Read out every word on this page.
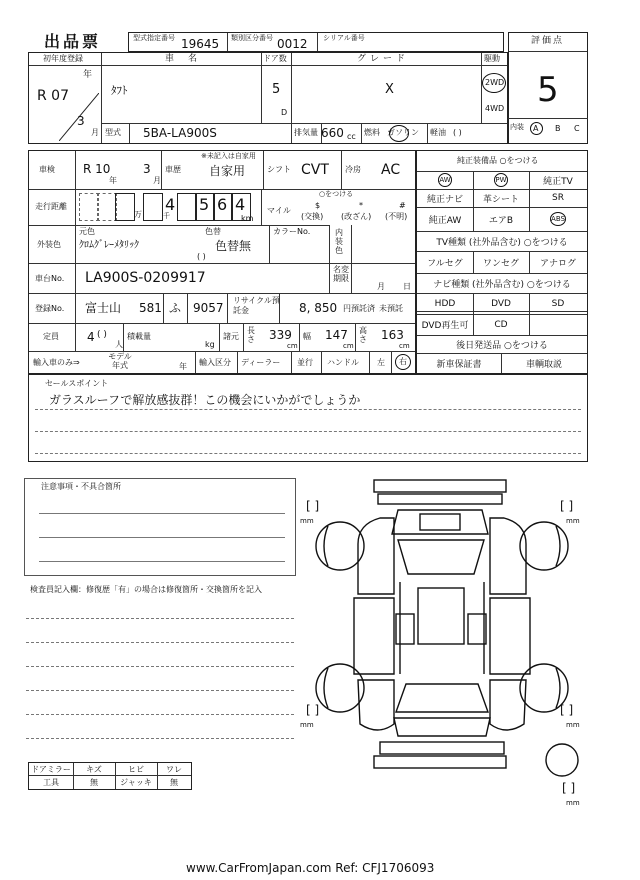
出品票	型式指定番号 19645 類別区分番号 0012 シリアル番号	評価点
5
初年度登録
R 07
年
3
月
車名
ﾀﾌﾄ
ドア数
5
D
グレード
X
駆動
2WD
4WD
型式 5BA-LA900S	排気量 660 cc 燃料 ガソリン 軽油 ( )
内装 A B C
車検 R 10
年
3
月
車歴
※未記入は自家用
自家用	シフト CVT 冷房 AC
走行距離	4 5 6 4
万	千	km
○をつける
マイル
$
(交換)
*
(改ざん)
#
(不明)
外装色
元色
ｸﾛﾑｸﾞﾚｰﾒﾀﾘｯｸ
色替
色替無
( )
カラーNo.	内装色
車台No. LA900S-0209917
名変期限
月 日
登録No. 富士山 581 ふ 9057
リサイクル預託金	8, 850 円預託済 未預託
定員 4 ( )
人
積載量
kg
諸元
長さ 339
cm
幅 147
cm
高さ 163
cm
輸入車のみ⇒
モデル年式	年 輸入区分 ディーラー 並行 ハンドル 左 右
純正装備品 ○をつける
AW	PW	純正TV
純正ナビ	革シート	SR
純正AW	エアB	ABS
TV種類 (社外品含む) ○をつける
フルセグ	ワンセグ	アナログ
ナビ種類 (社外品含む) ○をつける
HDD	DVD	SD
DVD再生可	CD
後日発送品 ○をつける
新車保証書	車輌取説
セールスポイント
ガラスルーフで解放感抜群！この機会にいかがでしょうか
注意事項・不具合箇所
検査員記入欄：修復歴「有」の場合は修復箇所・交換箇所を記入
ドアミラー	キズ	ヒビ	ワレ
工具	無	ジャッキ	無
[ ]
mm
[ ]
mm
[ ]
mm
[ ]
mm
[ ]
mm
www.CarFromJapan.com Ref: CFJ1706093
